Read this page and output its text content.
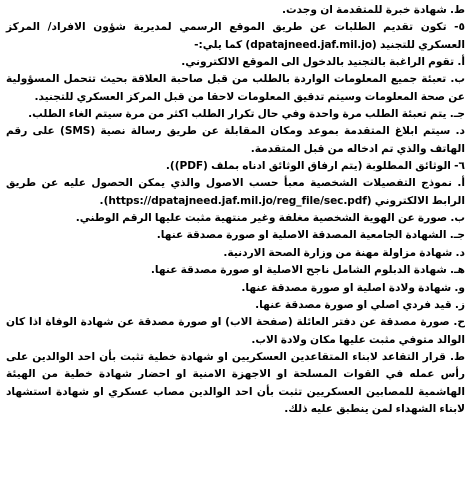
ط. شهادة خبرة للمتقدمة ان وجدت.

٥- تكون تقديم الطلبات عن طريق الموقع الرسمي لمديرية شؤون الافراد/ المركز العسكري للتجنيد (dpatajneed.jaf.mil.jo) كما يلي:-

أ. تقوم الراغبة بالتجنيد بالدخول الى الموقع الالكتروني.

ب. تعبئة جميع المعلومات الواردة بالطلب من قبل صاحبة العلاقة بحيث تتحمل المسؤولية عن صحة المعلومات وسيتم تدقيق المعلومات لاحقا من قبل المركز العسكري للتجنيد.

جـ. يتم تعبئة الطلب مرة واحدة وفي حال تكرار الطلب اكثر من مرة سيتم الغاء الطلب.

د. سيتم ابلاغ المتقدمة بموعد ومكان المقابلة عن طريق رسالة نصية (SMS) على رقم الهاتف والذي تم ادخاله من قبل المتقدمة.

٦- الوثائق المطلوبة (يتم ارفاق الوثائق ادناه بملف (PDF)).

أ. نموذج التفصيلات الشخصية معبأ حسب الاصول والذي يمكن الحصول عليه عن طريق الرابط الالكتروني (https://dpatajneed.jaf.mil.jo/reg_file/sec.pdf).

ب. صورة عن الهوية الشخصية مغلفة وغير منتهية مثبت عليها الرقم الوطني.

جـ. الشهادة الجامعية المصدقة الاصلية او صورة مصدقة عنها.

د. شهادة مزاولة مهنة من وزارة الصحة الاردنية.

هـ. شهادة الدبلوم الشامل ناجح الاصلية او صورة مصدقة عنها.

و. شهادة ولادة اصلية او صورة مصدقة عنها.

ز. قيد فردي اصلي او صورة مصدقة عنها.

ح. صورة مصدقة عن دفتر العائلة (صفحة الاب) او صورة مصدقة عن شهادة الوفاة اذا كان الوالد متوفي مثبت عليها مكان ولادة الاب.

ط. قرار التقاعد لابناء المتقاعدين العسكريين او شهادة خطية تثبت بأن احد الوالدين على رأس عمله في القوات المسلحة او الاجهزة الامنية او احضار شهادة خطية من الهيئة الهاشمية للمصابين العسكريين تثبت بأن احد الوالدين مصاب عسكري او شهادة استشهاد لابناء الشهداء لمن ينطبق عليه ذلك.
